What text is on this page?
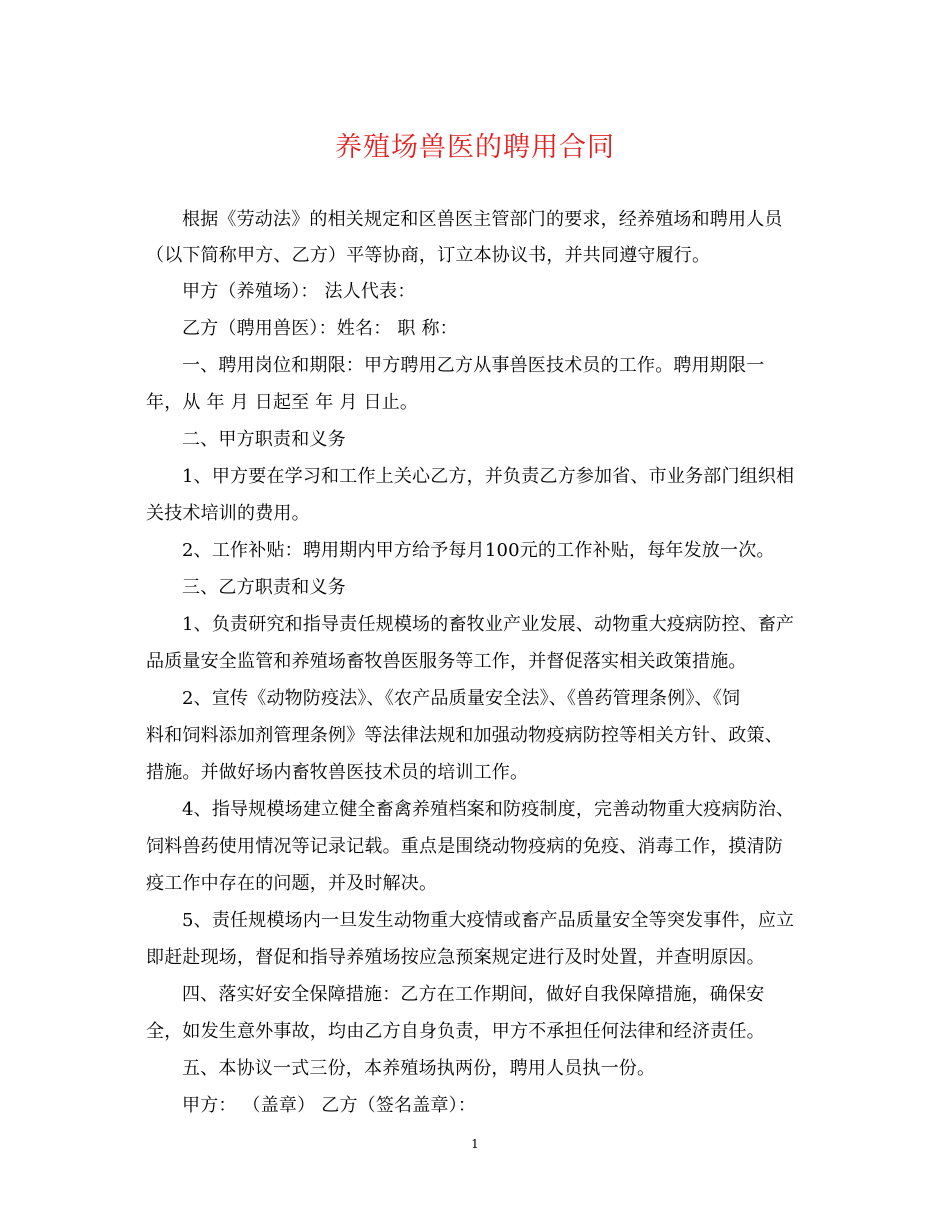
养殖场兽医的聘用合同
根据《劳动法》的相关规定和区兽医主管部门的要求，经养殖场和聘用人员
（以下简称甲方、乙方）平等协商，订立本协议书，并共同遵守履行。
甲方（养殖场）： 法人代表：
乙方（聘用兽医）：姓名： 职 称：
一、聘用岗位和期限：甲方聘用乙方从事兽医技术员的工作。聘用期限一
年，从 年 月 日起至 年 月 日止。
二、甲方职责和义务
1、甲方要在学习和工作上关心乙方，并负责乙方参加省、市业务部门组织相
关技术培训的费用。
2、工作补贴：聘用期内甲方给予每月100元的工作补贴，每年发放一次。
三、乙方职责和义务
1、负责研究和指导责任规模场的畜牧业产业发展、动物重大疫病防控、畜产
品质量安全监管和养殖场畜牧兽医服务等工作，并督促落实相关政策措施。
2、宣传《动物防疫法》、《农产品质量安全法》、《兽药管理条例》、《饲
料和饲料添加剂管理条例》等法律法规和加强动物疫病防控等相关方针、政策、
措施。并做好场内畜牧兽医技术员的培训工作。
4、指导规模场建立健全畜禽养殖档案和防疫制度，完善动物重大疫病防治、
饲料兽药使用情况等记录记载。重点是围绕动物疫病的免疫、消毒工作，摸清防
疫工作中存在的问题，并及时解决。
5、责任规模场内一旦发生动物重大疫情或畜产品质量安全等突发事件，应立
即赶赴现场，督促和指导养殖场按应急预案规定进行及时处置，并查明原因。
四、落实好安全保障措施：乙方在工作期间，做好自我保障措施，确保安
全，如发生意外事故，均由乙方自身负责，甲方不承担任何法律和经济责任。
五、本协议一式三份，本养殖场执两份，聘用人员执一份。
甲方： （盖章） 乙方（签名盖章）：
1
